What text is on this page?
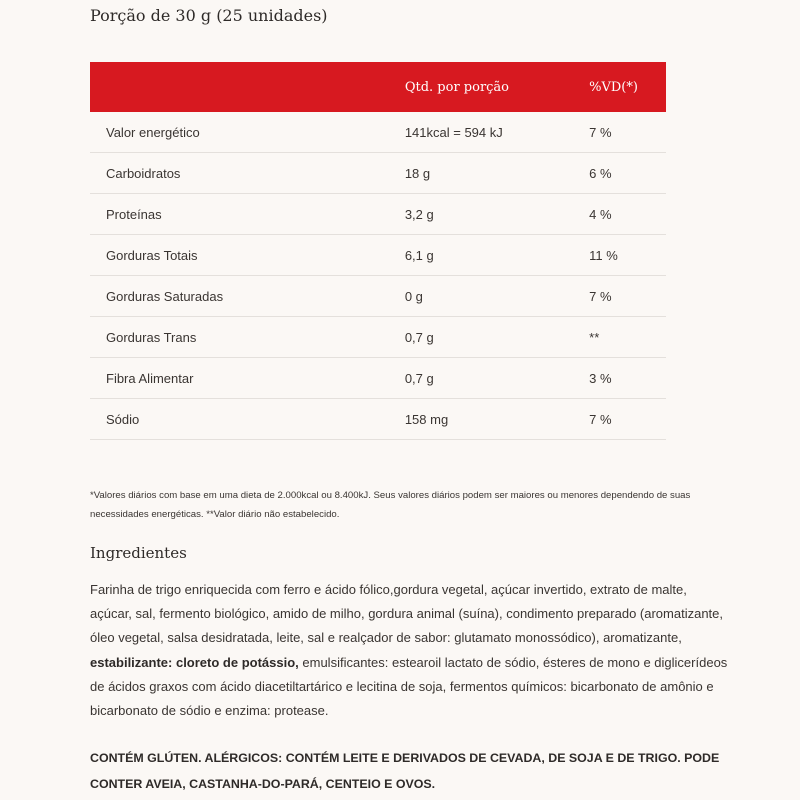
Porção de 30 g (25 unidades)
	Qtd. por porção	%VD(*)
Valor energético	141kcal = 594 kJ	7 %
Carboidratos	18 g	6 %
Proteínas	3,2 g	4 %
Gorduras Totais	6,1 g	11 %
Gorduras Saturadas	0 g	7 %
Gorduras Trans	0,7 g	**
Fibra Alimentar	0,7 g	3 %
Sódio	158 mg	7 %

*Valores diários com base em uma dieta de 2.000kcal ou 8.400kJ. Seus valores diários podem ser maiores ou menores dependendo de suas necessidades energéticas. **Valor diário não estabelecido.

Ingredientes

Farinha de trigo enriquecida com ferro e ácido fólico,gordura vegetal, açúcar invertido, extrato de malte, açúcar, sal, fermento biológico, amido de milho, gordura animal (suína), condimento preparado (aromatizante, óleo vegetal, salsa desidratada, leite, sal e realçador de sabor: glutamato monossódico), aromatizante, estabilizante: cloreto de potássio, emulsificantes: estearoil lactato de sódio, ésteres de mono e diglicerídeos de ácidos graxos com ácido diacetiltartárico e lecitina de soja, fermentos químicos: bicarbonato de amônio e bicarbonato de sódio e enzima: protease.

CONTÉM GLÚTEN. ALÉRGICOS: CONTÉM LEITE E DERIVADOS DE CEVADA, DE SOJA E DE TRIGO. PODE CONTER AVEIA, CASTANHA-DO-PARÁ, CENTEIO E OVOS.
